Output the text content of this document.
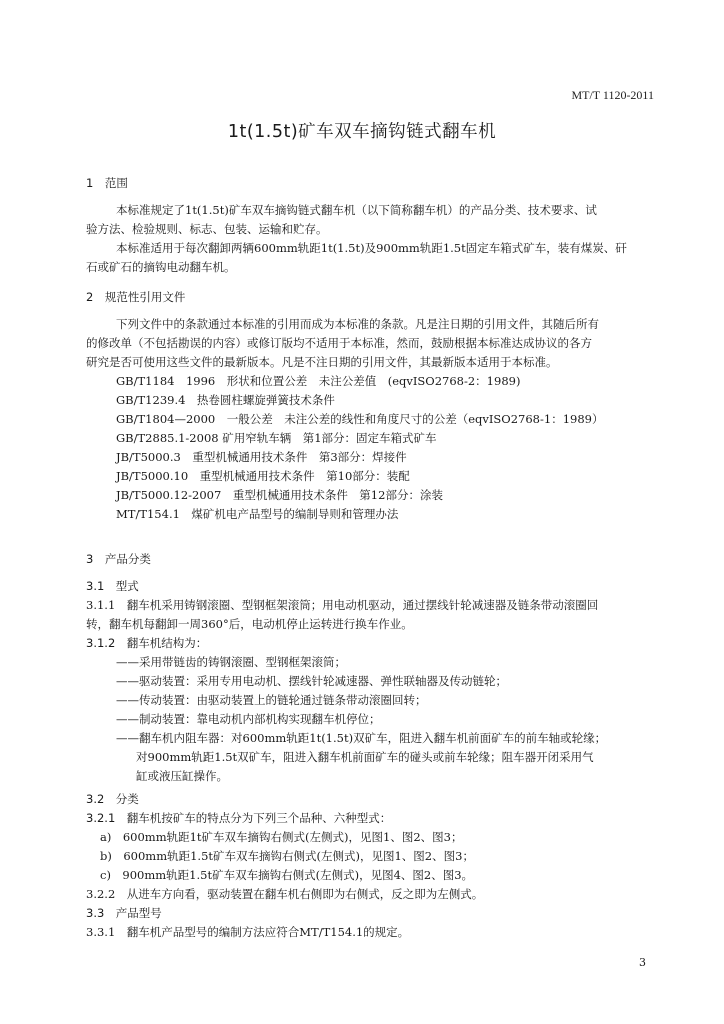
MT/T 1120-2011
1t(1.5t)矿车双车摘钩链式翻车机
1　范围
本标准规定了1t(1.5t)矿车双车摘钩链式翻车机（以下简称翻车机）的产品分类、技术要求、试
验方法、检验规则、标志、包装、运输和贮存。
本标准适用于每次翻卸两辆600mm轨距1t(1.5t)及900mm轨距1.5t固定车箱式矿车，装有煤炭、矸
石或矿石的摘钩电动翻车机。
2　规范性引用文件
下列文件中的条款通过本标准的引用而成为本标准的条款。凡是注日期的引用文件，其随后所有
的修改单（不包括勘误的内容）或修订版均不适用于本标准，然而，鼓励根据本标准达成协议的各方
研究是否可使用这些文件的最新版本。凡是不注日期的引用文件，其最新版本适用于本标准。
GB/T1184　1996　形状和位置公差　未注公差值　(eqvISO2768-2：1989)
GB/T1239.4　热卷圆柱螺旋弹簧技术条件
GB/T1804—2000　一般公差　未注公差的线性和角度尺寸的公差（eqvISO2768-1：1989）
GB/T2885.1-2008 矿用窄轨车辆　第1部分：固定车箱式矿车
JB/T5000.3　重型机械通用技术条件　第3部分：焊接件
JB/T5000.10　重型机械通用技术条件　第10部分：装配
JB/T5000.12-2007　重型机械通用技术条件　第12部分：涂装
MT/T154.1　煤矿机电产品型号的编制导则和管理办法
3　产品分类
3.1　型式
3.1.1　翻车机采用铸钢滚圈、型钢框架滚筒；用电动机驱动，通过摆线针轮减速器及链条带动滚圈回
转，翻车机每翻卸一周360°后，电动机停止运转进行换车作业。
3.1.2　翻车机结构为：
——采用带链齿的铸钢滚圈、型钢框架滚筒；
——驱动装置：采用专用电动机、摆线针轮减速器、弹性联轴器及传动链轮；
——传动装置：由驱动装置上的链轮通过链条带动滚圈回转；
——制动装置：靠电动机内部机构实现翻车机停位；
——翻车机内阻车器：对600mm轨距1t(1.5t)双矿车，阻进入翻车机前面矿车的前车轴或轮缘；
对900mm轨距1.5t双矿车，阻进入翻车机前面矿车的碰头或前车轮缘；阻车器开闭采用气
缸或液压缸操作。
3.2　分类
3.2.1　翻车机按矿车的特点分为下列三个品种、六种型式：
a)　600mm轨距1t矿车双车摘钩右侧式(左侧式)，见图1、图2、图3；
b)　600mm轨距1.5t矿车双车摘钩右侧式(左侧式)，见图1、图2、图3；
c)　900mm轨距1.5t矿车双车摘钩右侧式(左侧式)，见图4、图2、图3。
3.2.2　从进车方向看，驱动装置在翻车机右侧即为右侧式，反之即为左侧式。
3.3　产品型号
3.3.1　翻车机产品型号的编制方法应符合MT/T154.1的规定。
3
